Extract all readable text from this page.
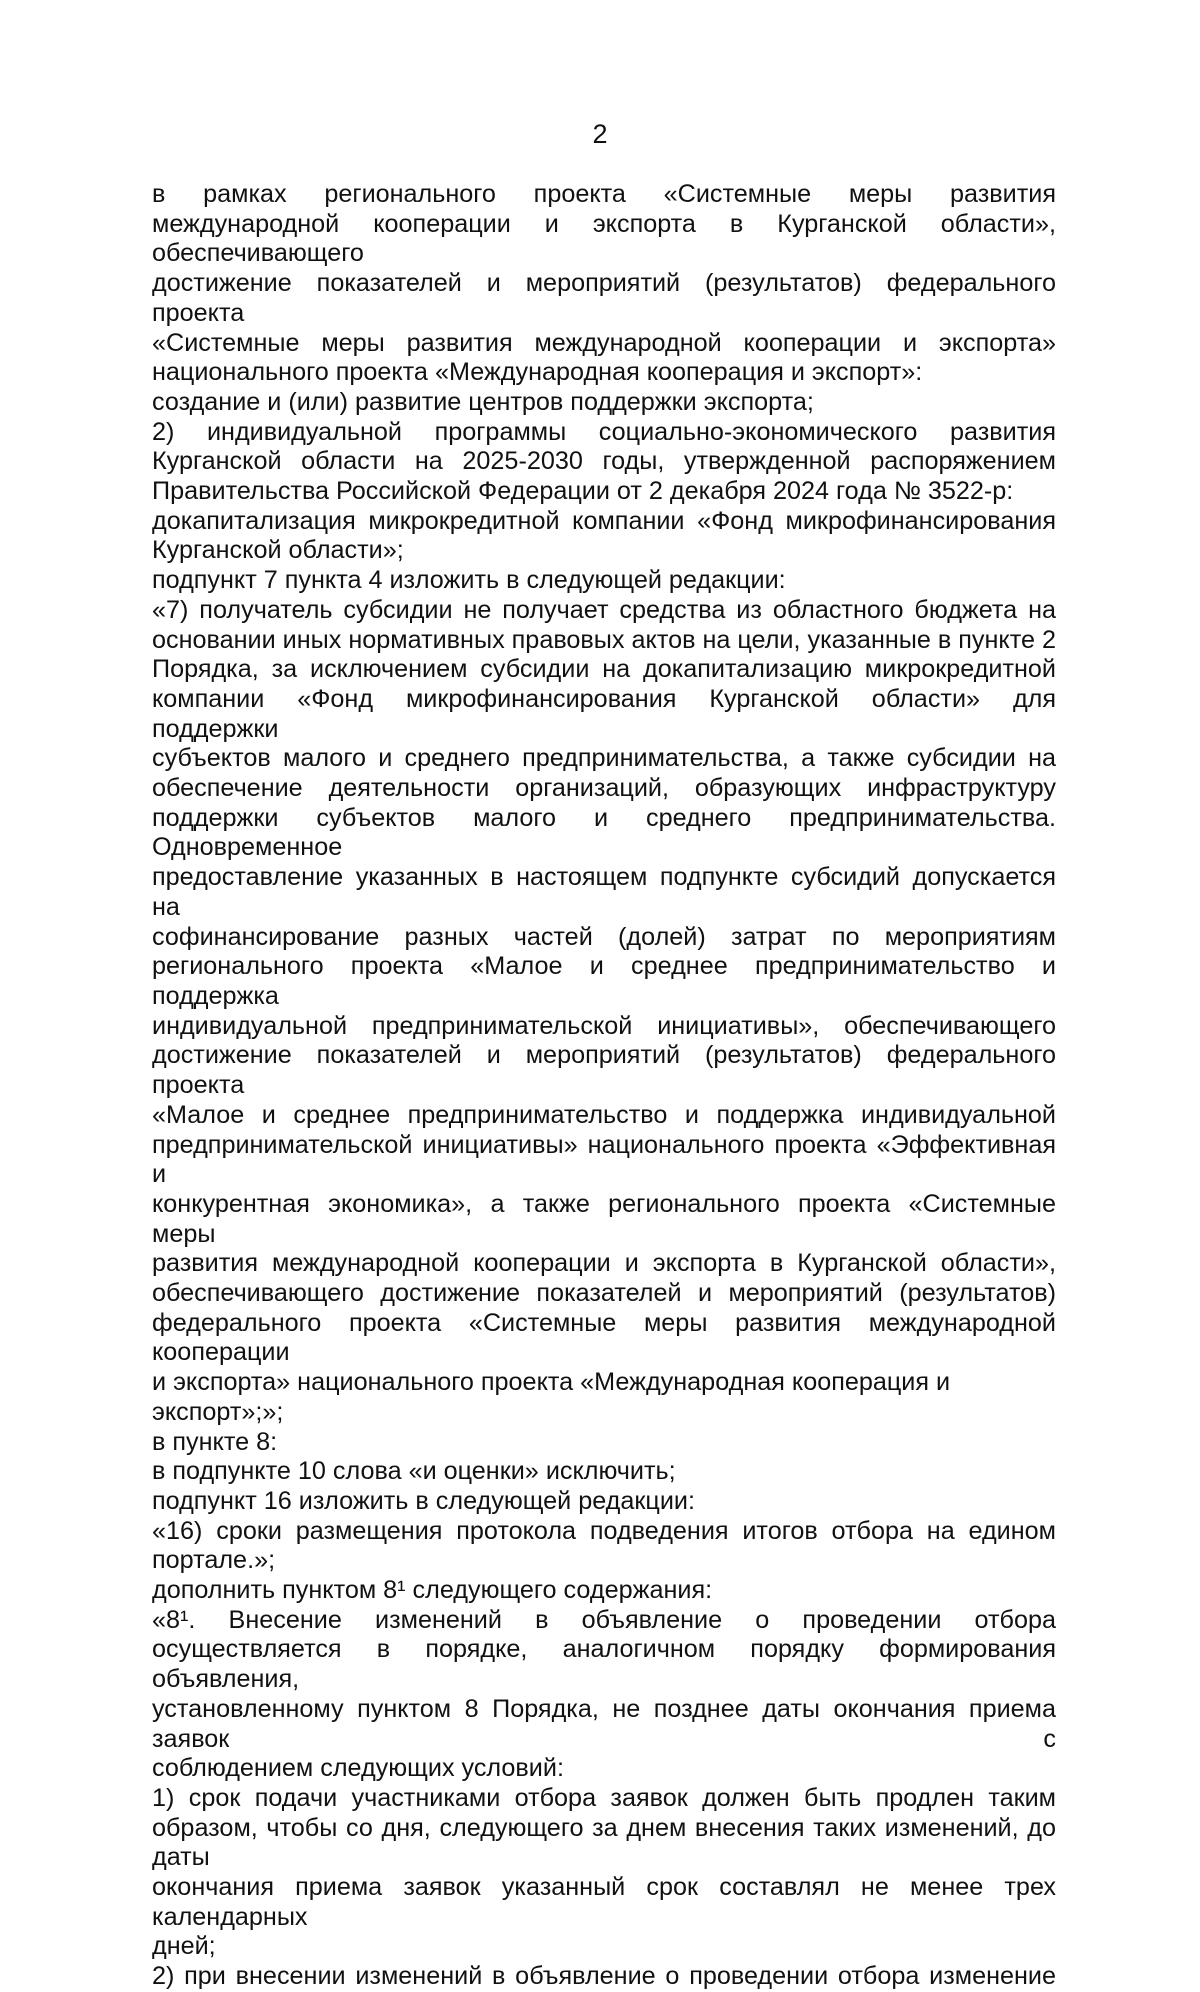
2

в рамках регионального проекта «Системные меры развития

международной кооперации и экспорта в Курганской области», обеспечивающего

достижение показателей и мероприятий (результатов) федерального проекта

«Системные меры развития международной кооперации и экспорта»

национального проекта «Международная кооперация и экспорт»:

создание и (или) развитие центров поддержки экспорта;

2) индивидуальной программы социально-экономического развития

Курганской области на 2025-2030 годы, утвержденной распоряжением

Правительства Российской Федерации от 2 декабря 2024 года № 3522-р:

докапитализация микрокредитной компании «Фонд микрофинансирования

Курганской области»;

подпункт 7 пункта 4 изложить в следующей редакции:

«7) получатель субсидии не получает средства из областного бюджета на

основании иных нормативных правовых актов на цели, указанные в пункте 2

Порядка, за исключением субсидии на докапитализацию микрокредитной

компании «Фонд микрофинансирования Курганской области» для поддержки

субъектов малого и среднего предпринимательства, а также субсидии на

обеспечение деятельности организаций, образующих инфраструктуру

поддержки субъектов малого и среднего предпринимательства. Одновременное

предоставление указанных в настоящем подпункте субсидий допускается на

софинансирование разных частей (долей) затрат по мероприятиям

регионального проекта «Малое и среднее предпринимательство и поддержка

индивидуальной предпринимательской инициативы», обеспечивающего

достижение показателей и мероприятий (результатов) федерального проекта

«Малое и среднее предпринимательство и поддержка индивидуальной

предпринимательской инициативы» национального проекта «Эффективная и

конкурентная экономика», а также регионального проекта «Системные меры

развития международной кооперации и экспорта в Курганской области»,

обеспечивающего достижение показателей и мероприятий (результатов)

федерального проекта «Системные меры развития международной кооперации

и экспорта» национального проекта «Международная кооперация и экспорт»;»;

в пункте 8:

в подпункте 10 слова «и оценки» исключить;

подпункт 16 изложить в следующей редакции:

«16) сроки размещения протокола подведения итогов отбора на едином

портале.»;

дополнить пунктом 8¹ следующего содержания:

«8¹. Внесение изменений в объявление о проведении отбора

осуществляется в порядке, аналогичном порядку формирования объявления,

установленному пунктом 8 Порядка, не позднее даты окончания приема заявок с

соблюдением следующих условий:

1) срок подачи участниками отбора заявок должен быть продлен таким

образом, чтобы со дня, следующего за днем внесения таких изменений, до даты

окончания приема заявок указанный срок составлял не менее трех календарных

дней;

2) при внесении изменений в объявление о проведении отбора изменение
